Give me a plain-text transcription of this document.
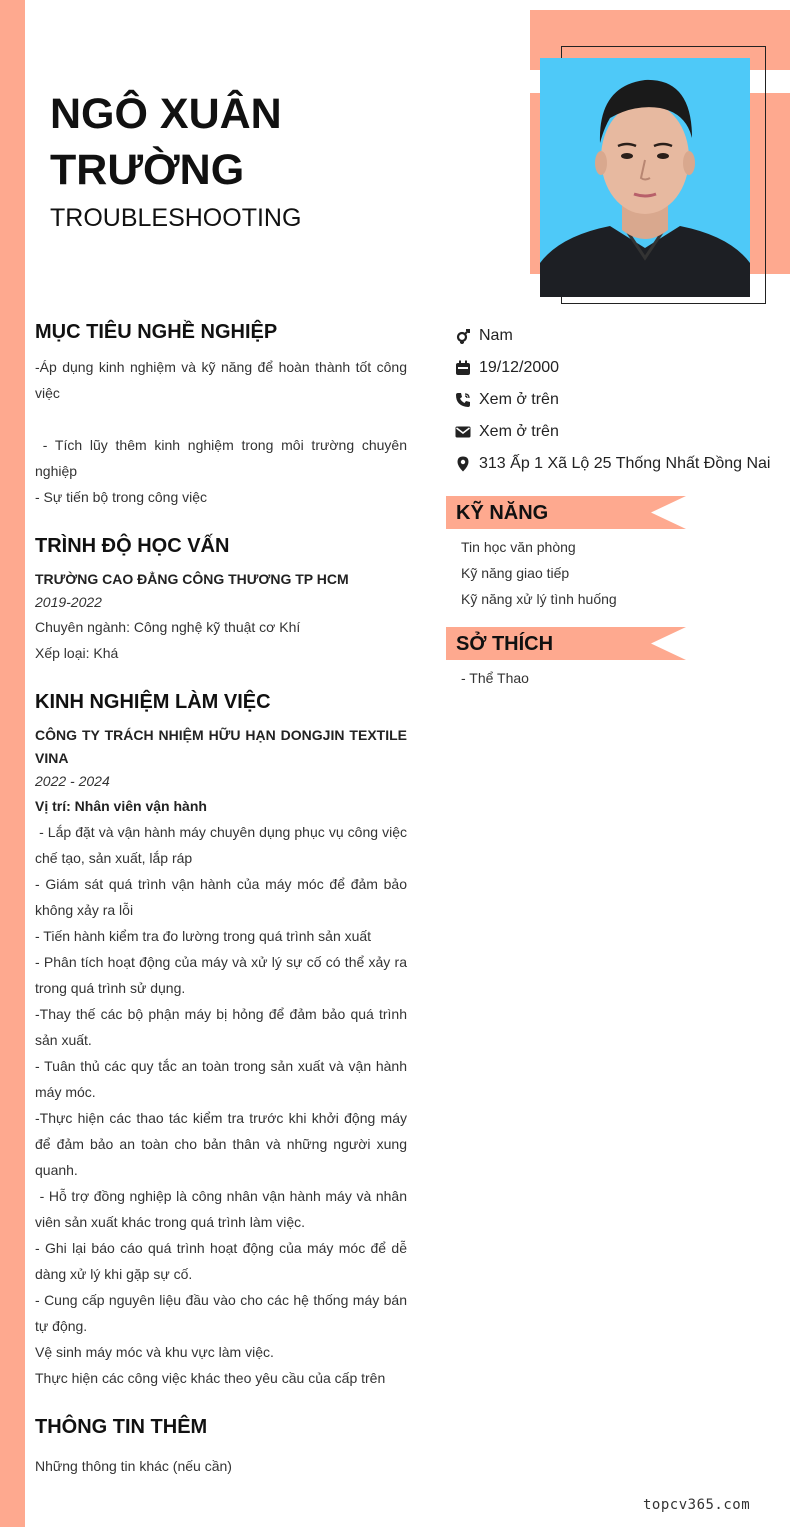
NGÔ XUÂN TRƯỜNG

TROUBLESHOOTING

MỤC TIÊU NGHỀ NGHIỆP

-Áp dụng kinh nghiệm và kỹ năng để hoàn thành tốt công việc

- Tích lũy thêm kinh nghiệm trong môi trường chuyên nghiệp

- Sự tiến bộ trong công việc

TRÌNH ĐỘ HỌC VẤN

TRƯỜNG CAO ĐẲNG CÔNG THƯƠNG TP HCM

2019-2022

Chuyên ngành: Công nghệ kỹ thuật cơ Khí

Xếp loại: Khá

KINH NGHIỆM LÀM VIỆC

CÔNG TY TRÁCH NHIỆM HỮU HẠN DONGJIN TEXTILE VINA

2022 - 2024

Vị trí: Nhân viên vận hành

- Lắp đặt và vận hành máy chuyên dụng phục vụ công việc chế tạo, sản xuất, lắp ráp

- Giám sát quá trình vận hành của máy móc để đảm bảo không xảy ra lỗi

- Tiến hành kiểm tra đo lường trong quá trình sản xuất

- Phân tích hoạt động của máy và xử lý sự cố có thể xảy ra trong quá trình sử dụng.

-Thay thế các bộ phận máy bị hỏng để đảm bảo quá trình sản xuất.

- Tuân thủ các quy tắc an toàn trong sản xuất và vận hành máy móc.

-Thực hiện các thao tác kiểm tra trước khi khởi động máy để đảm bảo an toàn cho bản thân và những người xung quanh.

- Hỗ trợ đồng nghiệp là công nhân vận hành máy và nhân viên sản xuất khác trong quá trình làm việc.

- Ghi lại báo cáo quá trình hoạt động của máy móc để dễ dàng xử lý khi gặp sự cố.

- Cung cấp nguyên liệu đầu vào cho các hệ thống máy bán tự động.

Vệ sinh máy móc và khu vực làm việc.

Thực hiện các công việc khác theo yêu cầu của cấp trên

THÔNG TIN THÊM

Những thông tin khác (nếu cần)

Nam
19/12/2000
Xem ở trên
Xem ở trên
313 Ấp 1 Xã Lộ 25 Thống Nhất Đồng Nai
KỸ NĂNG
Tin học văn phòng
Kỹ năng giao tiếp
Kỹ năng xử lý tình huống
SỞ THÍCH
- Thể Thao
topcv365.com
